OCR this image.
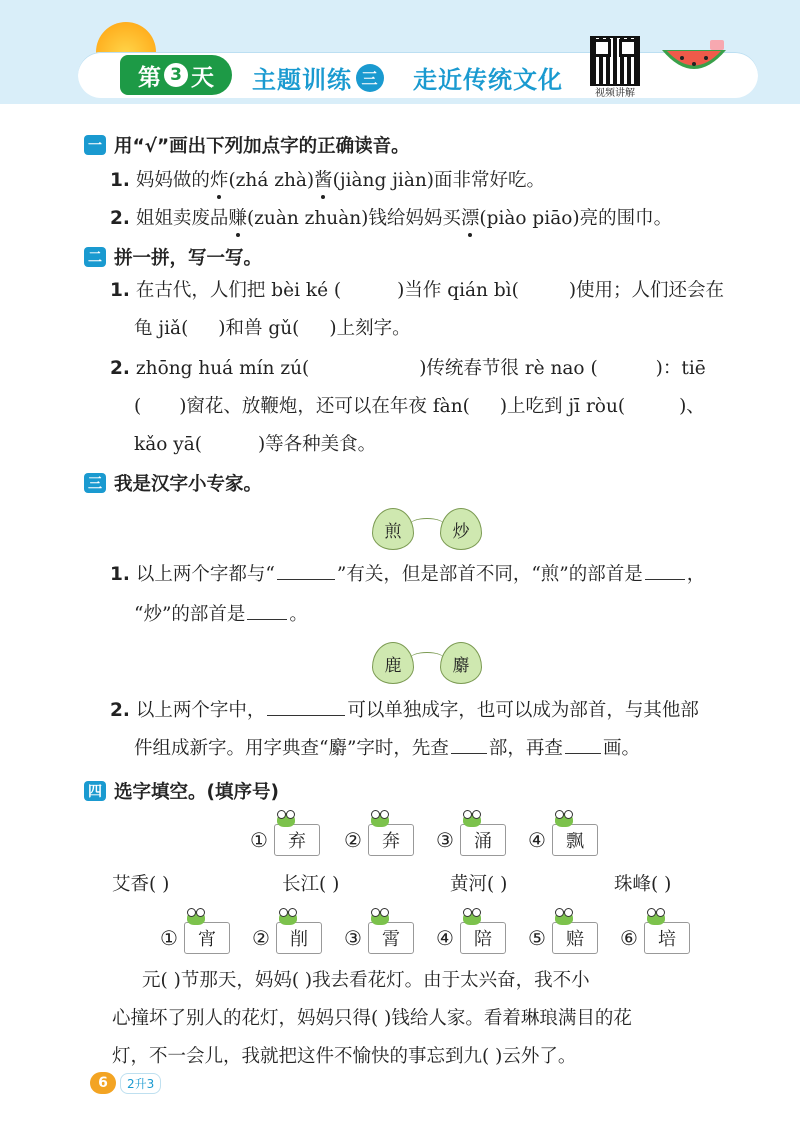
第 3 天 主题训练 三 走近传统文化	视频讲解
一 用“√”画出下列加点字的正确读音。
1. 妈妈做的炸(zhá zhà)酱(jiàng jiàn)面非常好吃。
2. 姐姐卖废品赚(zuàn zhuàn)钱给妈妈买漂(piào piāo)亮的围巾。
二 拼一拼，写一写。
1. 在古代，人们把 bèi ké (	)当作 qián bì(	)使用；人们还会在
龟 jiǎ( )和兽 gǔ( )上刻字。
2. zhōng huá mín zú(	)传统春节很 rè nao (	)：tiē
( )窗花、放鞭炮，还可以在年夜 fàn( )上吃到 jī ròu(	)、
kǎo yā(	)等各种美食。
三 我是汉字小专家。
煎	炒
1. 以上两个字都与“	”有关，但是部首不同，“煎”的部首是 ，
“炒”的部首是 。
鹿	麝
2. 以上两个字中，	可以单独成字，也可以成为部首，与其他部
件组成新字。用字典查“麝”字时，先查 部，再查 画。
四 选字填空。(填序号)
① 弃 ② 奔 ③ 涌 ④ 飘
艾香( )	长江( )	黄河( )	珠峰( )
① 宵 ② 削 ③ 霄 ④ 陪 ⑤ 赔 ⑥ 培
元( )节那天，妈妈( )我去看花灯。由于太兴奋，我不小
心撞坏了别人的花灯，妈妈只得( )钱给人家。看着琳琅满目的花
灯，不一会儿，我就把这件不愉快的事忘到九( )云外了。
6	2升3
